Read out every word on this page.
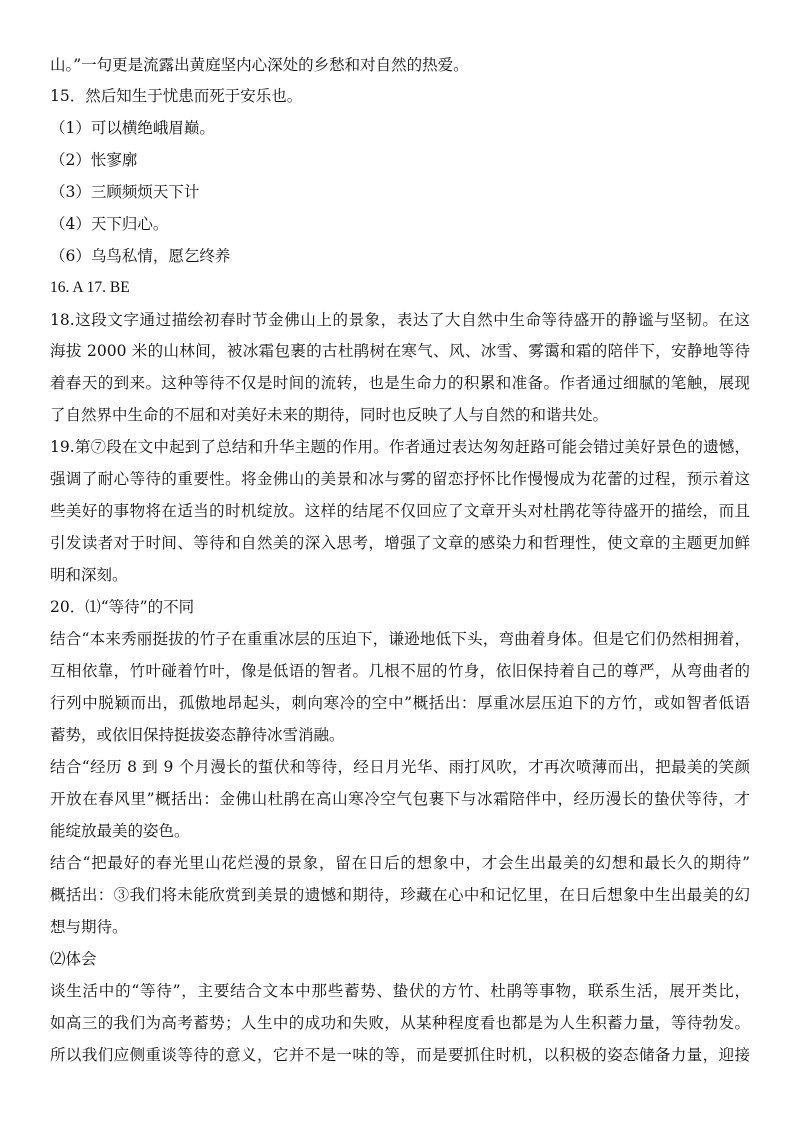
山。”一句更是流露出黄庭坚内心深处的乡愁和对自然的热爱。
15．然后知生于忧患而死于安乐也。
（1）可以横绝峨眉巅。
（2）怅寥廓
（3）三顾频烦天下计
（4）天下归心。
（6）乌鸟私情，愿乞终养
16. A 17. BE
18.这段文字通过描绘初春时节金佛山上的景象，表达了大自然中生命等待盛开的静谧与坚韧。在这
海拔 2000 米的山林间，被冰霜包裹的古杜鹃树在寒气、风、冰雪、雾霭和霜的陪伴下，安静地等待
着春天的到来。这种等待不仅是时间的流转，也是生命力的积累和准备。作者通过细腻的笔触，展现
了自然界中生命的不屈和对美好未来的期待，同时也反映了人与自然的和谐共处。
19.第⑦段在文中起到了总结和升华主题的作用。作者通过表达匆匆赶路可能会错过美好景色的遗憾，
强调了耐心等待的重要性。将金佛山的美景和冰与雾的留恋抒怀比作慢慢成为花蕾的过程，预示着这
些美好的事物将在适当的时机绽放。这样的结尾不仅回应了文章开头对杜鹃花等待盛开的描绘，而且
引发读者对于时间、等待和自然美的深入思考，增强了文章的感染力和哲理性，使文章的主题更加鲜
明和深刻。
20．⑴“等待”的不同
结合“本来秀丽挺拔的竹子在重重冰层的压迫下，谦逊地低下头，弯曲着身体。但是它们仍然相拥着，
互相依靠，竹叶碰着竹叶，像是低语的智者。几根不屈的竹身，依旧保持着自己的尊严，从弯曲者的
行列中脱颖而出，孤傲地昂起头，刺向寒冷的空中”概括出：厚重冰层压迫下的方竹，或如智者低语
蓄势，或依旧保持挺拔姿态静待冰雪消融。
结合“经历 8 到 9 个月漫长的蜇伏和等待，经日月光华、雨打风吹，才再次喷薄而出，把最美的笑颜
开放在春风里”概括出：金佛山杜鹃在高山寒冷空气包裹下与冰霜陪伴中，经历漫长的蛰伏等待，才
能绽放最美的姿色。
结合“把最好的春光里山花烂漫的景象，留在日后的想象中，才会生出最美的幻想和最长久的期待”
概括出：③我们将未能欣赏到美景的遗憾和期待，珍藏在心中和记忆里，在日后想象中生出最美的幻
想与期待。
⑵体会
谈生活中的“等待”，主要结合文本中那些蓄势、蛰伏的方竹、杜鹃等事物，联系生活，展开类比，
如高三的我们为高考蓄势；人生中的成功和失败，从某种程度看也都是为人生积蓄力量，等待勃发。
所以我们应侧重谈等待的意义，它并不是一味的等，而是要抓住时机，以积极的姿态储备力量，迎接
